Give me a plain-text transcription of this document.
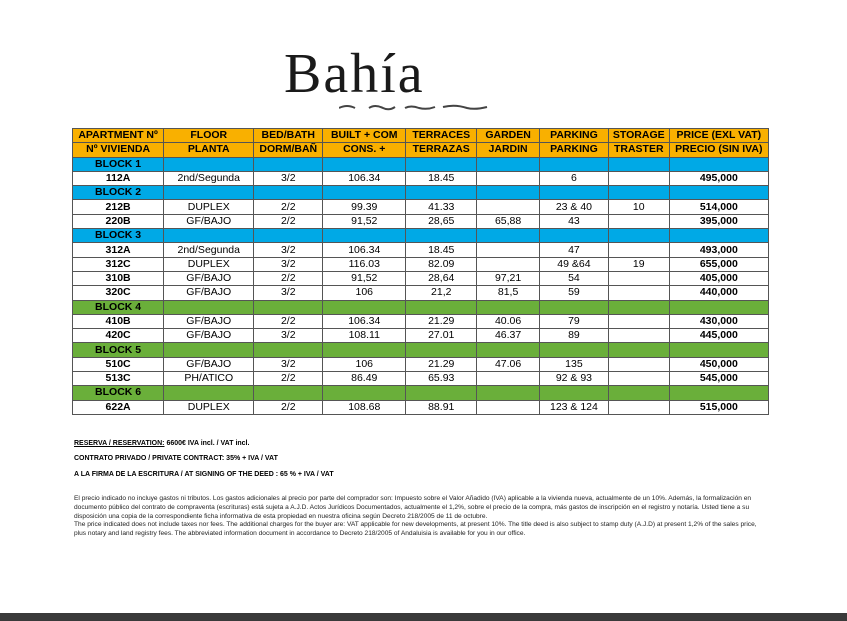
Bahía
APARTMENT Nº	FLOOR	BED/BATH	BUILT + COM	TERRACES	GARDEN	PARKING	STORAGE	PRICE (EXL VAT)
Nº VIVIENDA	PLANTA	DORM/BAÑ	CONS. +	TERRAZAS	JARDIN	PARKING	TRASTER	PRECIO (SIN IVA)
BLOCK 1								
112A	2nd/Segunda	3/2	106.34	18.45		6		495,000
BLOCK 2								
212B	DUPLEX	2/2	99.39	41.33		23 & 40	10	514,000
220B	GF/BAJO	2/2	91,52	28,65	65,88	43		395,000
BLOCK 3								
312A	2nd/Segunda	3/2	106.34	18.45		47		493,000
312C	DUPLEX	3/2	116.03	82.09		49 &64	19	655,000
310B	GF/BAJO	2/2	91,52	28,64	97,21	54		405,000
320C	GF/BAJO	3/2	106	21,2	81,5	59		440,000
BLOCK 4								
410B	GF/BAJO	2/2	106.34	21.29	40.06	79		430,000
420C	GF/BAJO	3/2	108.11	27.01	46.37	89		445,000
BLOCK 5								
510C	GF/BAJO	3/2	106	21.29	47.06	135		450,000
513C	PH/ATICO	2/2	86.49	65.93		92 & 93		545,000
BLOCK 6								
622A	DUPLEX	2/2	108.68	88.91		123 & 124		515,000
RESERVA / RESERVATION: 6600€ IVA incl. / VAT incl.
CONTRATO PRIVADO / PRIVATE CONTRACT: 35% + IVA / VAT
A LA FIRMA DE LA ESCRITURA / AT SIGNING OF THE DEED : 65 % + IVA / VAT

El precio indicado no incluye gastos ni tributos. Los gastos adicionales al precio por parte del comprador son: Impuesto sobre el Valor Añadido (IVA) aplicable a la vivienda nueva, actualmente de un 10%. Además, la formalización en documento público del contrato de compraventa (escrituras) está sujeta a A.J.D. Actos Jurídicos Documentados, actualmente el 1,2%, sobre el precio de la compra, más gastos de inscripción en el registro y notaría. Usted tiene a su disposición una copia de la correspondiente ficha informativa de esta propiedad en nuestra oficina según Decreto 218/2005 de 11 de octubre.

The price indicated does not include taxes nor fees. The additional charges for the buyer are: VAT applicable for new developments, at present 10%. The title deed is also subject to stamp duty (A.J.D) at present 1,2% of the sales price, plus notary and land registry fees. The abbreviated information document in accordance to Decreto 218/2005 of Andaluisia is available for you in our office.
